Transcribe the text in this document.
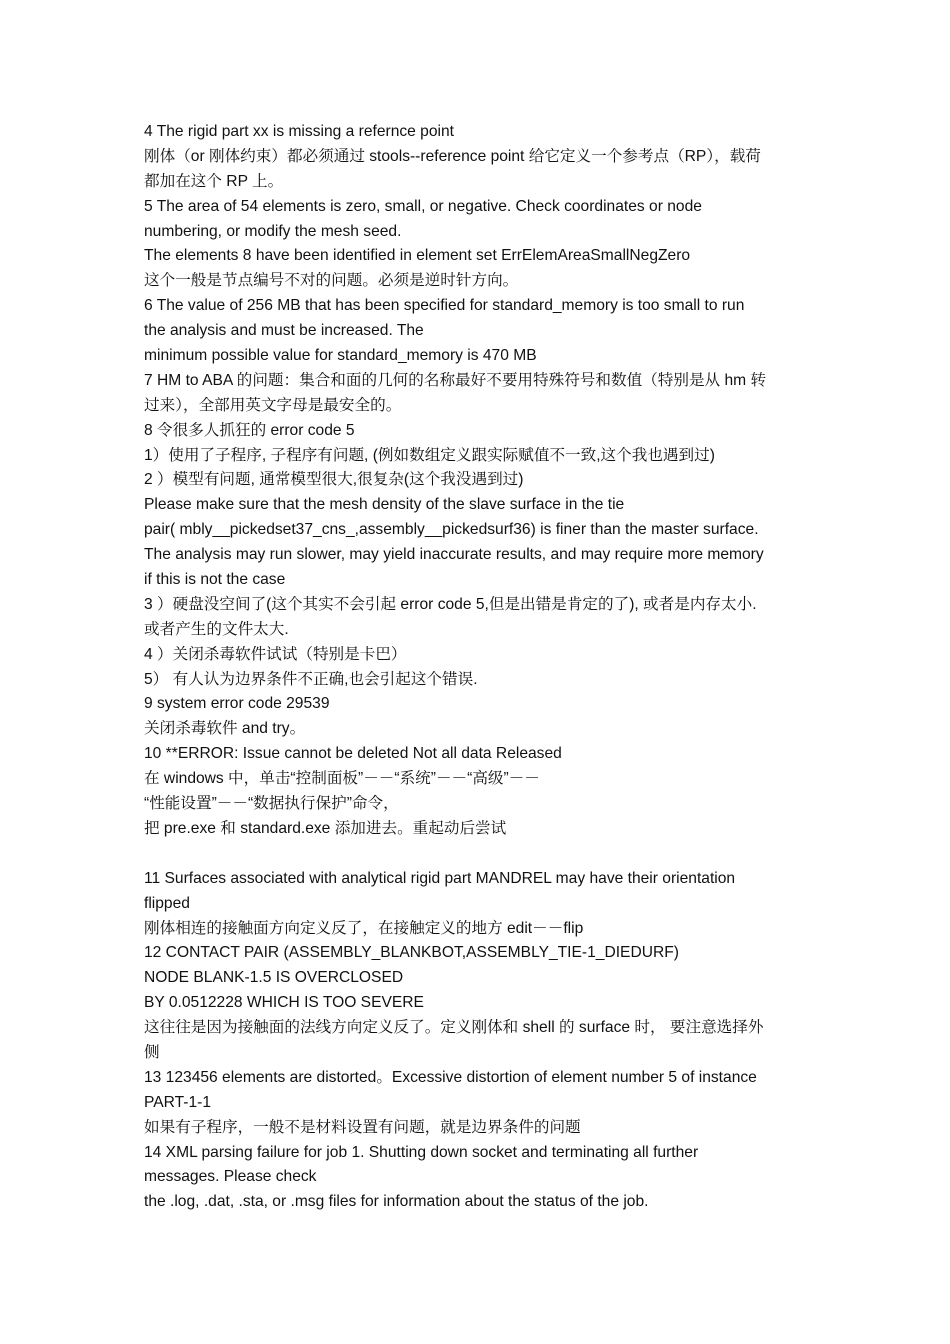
4 The rigid part xx is missing a refernce point

刚体（or 刚体约束）都必须通过 stools--reference point 给它定义一个参考点（RP），载荷

都加在这个 RP 上。

5 The area of 54 elements is zero, small, or negative. Check coordinates or node

numbering, or modify the mesh seed.

The elements 8 have been identified in element set ErrElemAreaSmallNegZero

这个一般是节点编号不对的问题。必须是逆时针方向。

6 The value of 256 MB that has been specified for standard_memory is too small to run

the analysis and must be increased. The

minimum possible value for standard_memory is 470 MB

7 HM to ABA 的问题：集合和面的几何的名称最好不要用特殊符号和数值（特别是从 hm 转

过来），全部用英文字母是最安全的。

8 令很多人抓狂的 error code 5

1）使用了子程序, 子程序有问题, (例如数组定义跟实际赋值不一致,这个我也遇到过)

2 ）模型有问题, 通常模型很大,很复杂(这个我没遇到过)

Please make sure that the mesh density of the slave surface in the tie

pair( mbly__pickedset37_cns_,assembly__pickedsurf36) is finer than the master surface.

The analysis may run slower, may yield inaccurate results, and may require more memory

if this is not the case

3 ）硬盘没空间了(这个其实不会引起 error code 5,但是出错是肯定的了), 或者是内存太小.

或者产生的文件太大.

4 ）关闭杀毒软件试试（特别是卡巴）

5） 有人认为边界条件不正确,也会引起这个错误.

9 system error code 29539

关闭杀毒软件 and try。

10 **ERROR: Issue cannot be deleted Not all data Released

在 windows 中，单击“控制面板”－－“系统”－－“高级”－－

“性能设置”－－“数据执行保护”命令，

把 pre.exe 和 standard.exe 添加进去。重起动后尝试

11 Surfaces associated with analytical rigid part MANDREL may have their orientation

flipped

刚体相连的接触面方向定义反了，在接触定义的地方 edit－－flip

12 CONTACT PAIR (ASSEMBLY_BLANKBOT,ASSEMBLY_TIE-1_DIEDURF)

NODE BLANK-1.5 IS OVERCLOSED

BY 0.0512228 WHICH IS TOO SEVERE

这往往是因为接触面的法线方向定义反了。定义刚体和 shell 的 surface 时， 要注意选择外

侧

13 123456 elements are distorted。Excessive distortion of element number 5 of instance

PART-1-1

如果有子程序，一般不是材料设置有问题，就是边界条件的问题

14 XML parsing failure for job 1. Shutting down socket and terminating all further

messages. Please check

the .log, .dat, .sta, or .msg files for information about the status of the job.
